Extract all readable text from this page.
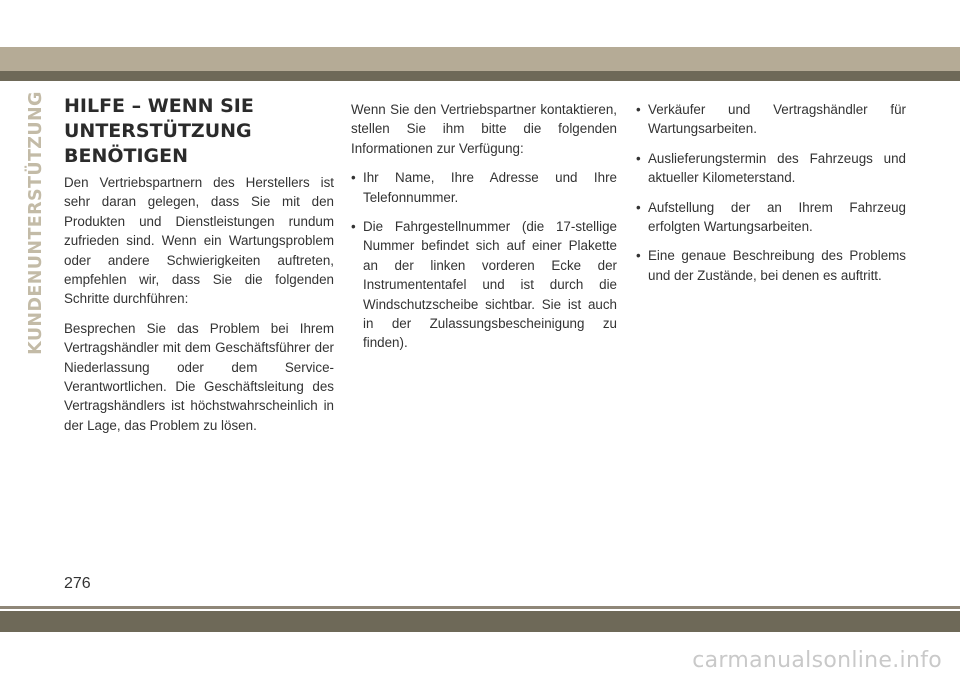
KUNDENUNTERSTÜTZUNG HILFE – WENN SIE UNTERSTÜTZUNG BENÖTIGEN

Den Vertriebspartnern des Herstellers ist sehr daran gelegen, dass Sie mit den Produkten und Dienstleistungen rundum zufrieden sind. Wenn ein Wartungsproblem oder andere Schwierigkeiten auftreten, empfehlen wir, dass Sie die folgenden Schritte durchführen:

Besprechen Sie das Problem bei Ihrem Vertragshändler mit dem Geschäftsführer der Niederlassung oder dem Service-Verantwortlichen. Die Geschäftsleitung des Vertragshändlers ist höchstwahrscheinlich in der Lage, das Problem zu lösen.

Wenn Sie den Vertriebspartner kontaktieren, stellen Sie ihm bitte die folgenden Informationen zur Verfügung:

• Ihr Name, Ihre Adresse und Ihre Telefonnummer.
• Die Fahrgestellnummer (die 17-stellige Nummer befindet sich auf einer Plakette an der linken vorderen Ecke der Instrumententafel und ist durch die Windschutzscheibe sichtbar. Sie ist auch in der Zulassungsbescheinigung zu finden).
• Verkäufer und Vertragshändler für Wartungsarbeiten.
• Auslieferungstermin des Fahrzeugs und aktueller Kilometerstand.
• Aufstellung der an Ihrem Fahrzeug erfolgten Wartungsarbeiten.
• Eine genaue Beschreibung des Problems und der Zustände, bei denen es auftritt.
276
carmanualsonline.info
